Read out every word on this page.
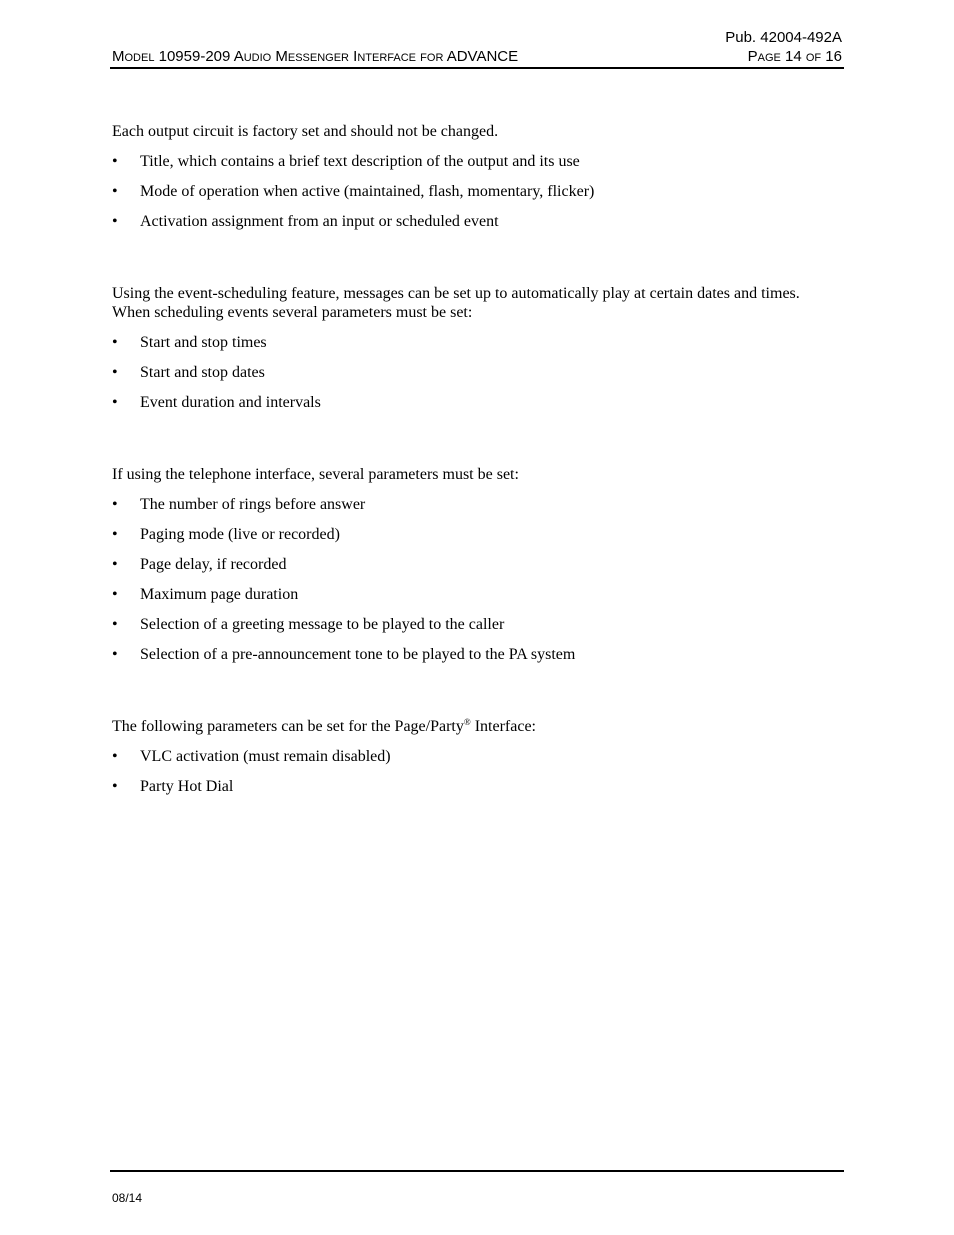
Pub. 42004-492A
Page 14 of 16
Model 10959-209 Audio Messenger Interface for ADVANCE

Each output circuit is factory set and should not be changed.

• Title, which contains a brief text description of the output and its use
• Mode of operation when active (maintained, flash, momentary, flicker)
• Activation assignment from an input or scheduled event

Using the event-scheduling feature, messages can be set up to automatically play at certain dates and times. When scheduling events several parameters must be set:

• Start and stop times
• Start and stop dates
• Event duration and intervals

If using the telephone interface, several parameters must be set:

• The number of rings before answer
• Paging mode (live or recorded)
• Page delay, if recorded
• Maximum page duration
• Selection of a greeting message to be played to the caller
• Selection of a pre-announcement tone to be played to the PA system

The following parameters can be set for the Page/Party® Interface:

• VLC activation (must remain disabled)
• Party Hot Dial
08/14
